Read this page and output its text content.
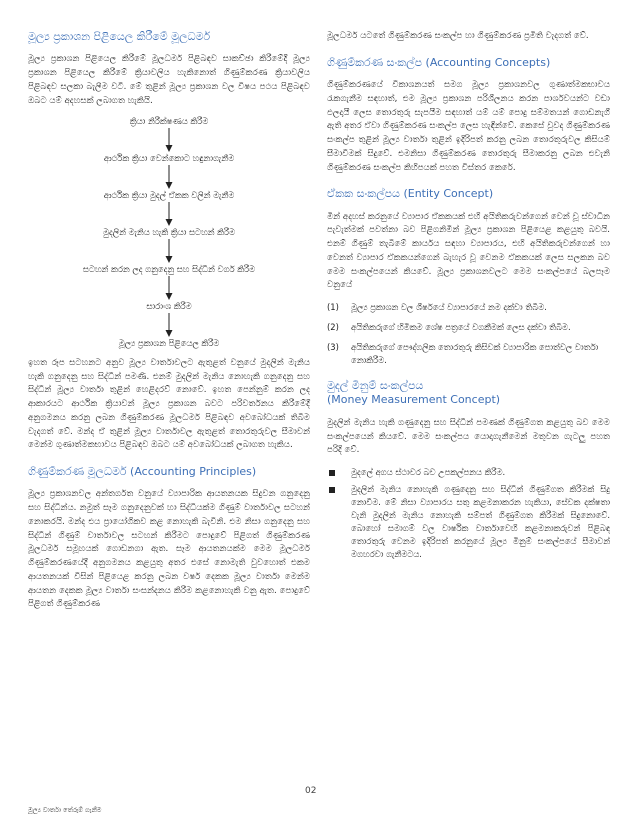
මූල්‍ය ප්‍රකාශන පිළියෙල කිරීමේ මූලධර්ම

මූල්‍ය ප්‍රකාශන පිළියෙල කිරීමේ මූලධර්ම පිළිබඳව සාකච්ඡා කිරීමේදී මූල්‍ය ප්‍රකාශන පිළියෙල කිරීමේ ක්‍රියාවලිය හැකිනොත් ගිණුම්කරණ ක්‍රියාවලිය පිළිබඳව සලකා බැලීම වටී. මේ තුළින් මූල්‍ය ප්‍රකාශන වල විෂය පථය පිළිබඳව ඔබට යම් අදහසක් ලබාගත හැකියි.

ක්‍රියා නිරීක්ෂණය කිරීම
ආර්ථික ක්‍රියා වෙන්කොට හඳුනාගැනීම
ආර්ථික ක්‍රියා මුදල් ඒකක වලින් මැනීම
මුදලින් මැනිය හැකි ක්‍රියා සටහන් කිරීම
සටහන් කරන ලද ගනුදෙනු සහ සිද්ධීන් වර්ග කිරීම
සාරාංශ කිරීම
මූල්‍ය ප්‍රකාශන පිළියෙල කිරීම

ඉහත රූප සටහනට අනුව මූල්‍ය වාර්තාවලට ඇතුළත් වනුයේ මුදලින් මැනිය හැකි ගනුදෙනු සහ සිද්ධීන් පමණි. එනම් මුදලින් මැනිය නොහැකි ගනුදෙනු සහ සිද්ධීන් මූල්‍ය වාර්තා තුළින් හෙළිදරව් නොවේ. ඉහත පෙන්නුම් කරන ලද ආකාරයට ආර්ථික ක්‍රියාවන් මූල්‍ය ප්‍රකාශන බවට පරිවර්තනය කිරීමේදී අනුගමනය කරනු ලබන ගිණුම්කරණ මූලධර්ම පිළිබඳව අවබෝධයක් තිබීම වැදගත් වේ. මන්ද ඒ තුළින් මූල්‍ය වාර්තාවල ඇතුළත් තොරතුරුවල සීමාවන් මෙන්ම ගුණාත්මකභාවය පිළිබඳව ඔබට යම් අවබෝධයක් ලබාගත හැකිය.

ගිණුම්කරණ මූලධර්ම (Accounting Principles)

මූල්‍ය ප්‍රකාශනවල අන්තර්ගත වනුයේ ව්‍යාපාරික ආයතනයක සිදුවන ගනුදෙනු සහ සිද්ධීන්ය. නමුත් සෑම ගනුදෙනුවක් හා සිද්ධියක්ම ගිණුම් වාර්තාවල සටහන් නොකරයි. මන්ද එය ප්‍රායෝගිකව කළ නොහැකි බැවිනි. එම නිසා ගනුදෙනු සහ සිද්ධීන් ගිණුම් වාර්තාවල සටහන් කිරීමට පොදුවේ පිළිගත් ගිණුම්කරණ මූලධර්ම සමූහයක් ගොඩනගා ඇත. සෑම ආයතනයක්ම මෙම මූලධර්ම ගිණුම්කරණයේදී අනුගමනය කළයුතු අතර එසේ නොමැති වුවහොත් එකම ආයතනයක් විසින් පිළියෙළ කරනු ලබන වර්ෂ දෙකක මූල්‍ය වාර්තා මෙන්ම ආයතන දෙකක මූල්‍ය වාර්තා සංසන්දනය කිරීම කළනොහැකි වනු ඇත. පොදුවේ පිළිගත් ගිණුම්කරණ

මූලධර්ම යටතේ ගිණුම්කරණ සංකල්ප හා ගිණුම්කරණ ප්‍රමිති වැදගත් වේ.

ගිණුම්කරණ සංකල්ප (Accounting Concepts)

ගිණුම්කරණයේ විකාශනයත් සමග මූල්‍ය ප්‍රකාශනවල ගුණාත්මකභාවය රැකගැනීම සඳහාත්, එම මූල්‍ය ප්‍රකාශන පරිශීලනය කරන පාර්ශවයන්ට වඩා ඵලදායී ලෙස තොරතුරු සැපයීම සඳහාත් යම් යම් පොදු සම්මතයන් ගොඩනැගී ඇති අතර ඒවා ගිණුම්කරණ සංකල්ප ලෙස හැඳින්වේ. කෙසේ වුවද ගිණුම්කරණ සංකල්ප තුළින් මූල්‍ය වාර්තා තුළින් ඉදිරිපත් කරනු ලබන තොරතුරුවල කිසියම් සීමාවීමක් සිදුවේ. එමනිසා ගිණුම්කරණ තොරතුරු සීමාකරනු ලබන එවැනි ගිණුම්කරණ සංකල්ප කිහිපයක් පහත විස්තර කෙරේ.

ඒකක සංකල්පය (Entity Concept)

මින් අදහස් කරනුයේ ව්‍යාපාර ඒකකයක් එහි අයිතිකරුවන්ගෙන් වෙන් වූ ස්වාධීන පැවැත්මක් පවත්නා බව පිළිගනිමින් මූල්‍ය ප්‍රකාශන පිළියෙළ කළයුතු බවයි. එනම් ගිණුම් තැබීමේ කාර්යය සඳහා ව්‍යාපාරය, එහි අයිතිකරුවන්ගෙන් හා වෙනත් ව්‍යාපාර ඒකකයන්ගෙන් බැහැර වූ වෙනම ඒකකයක් ලෙස සලකන බව මෙම සංකල්පයෙන් කියවේ. මූල්‍ය ප්‍රකාශනවලට මෙම සංකල්පයේ බලපෑම වනුයේ

(1) මූල්‍ය ප්‍රකාශන වල ශීර්ෂයේ ව්‍යාපාරයේ නම දක්වා තිබීම.
(2) අයිතිකරුගේ හිමිකම ශේෂ පත්‍රයේ වගකීමක් ලෙස දක්වා තිබීම.
(3) අයිතිකරුගේ පෞද්ගලික තොරතුරු කිසිවක් ව්‍යාපාරික පොත්වල වාර්තා නොකිරීම.
මුදල් මිනුම් සංකල්පය
(Money Measurement Concept)

මුදලින් මැනිය හැකි ගණුදෙනු සහ සිද්ධීන් පමණක් ගිණුම්ගත කළයුතු බව මෙම සංකල්පයෙන් කියවේ. මෙම සංකල්පය යොදාගැනීමෙන් මතුවන ගැටලු පහත පරිදි වේ.

මුදලේ අගය ස්ථාවර බව උපකල්පනය කිරීම.
මුදලින් මැනිය නොහැකි ගණුදෙනු සහ සිද්ධීන් ගිණුම්ගත කිරීමක් සිදු නොවීම. මේ නිසා ව්‍යාපාරය සතු කළමනාකරන හැකියා, සේවක දක්ෂතා වැනි මුදලින් මැනිය නොහැකි සම්පත් ගිණුම්ගත කිරීමක් සිදුනොවේ. බොහෝ සමාගම් වල වාර්ෂික වාර්තාවෙහි කළමනාකරුවන් පිළිබඳ තොරතුරු වෙනම ඉදිරිපත් කරනුයේ මූල්‍ය මිනුම් සංකල්පයේ සීමාවන් මගහරවා ගැනීමටය.
02
මූල්‍ය වාර්තා තේරුම් ගැනීම
